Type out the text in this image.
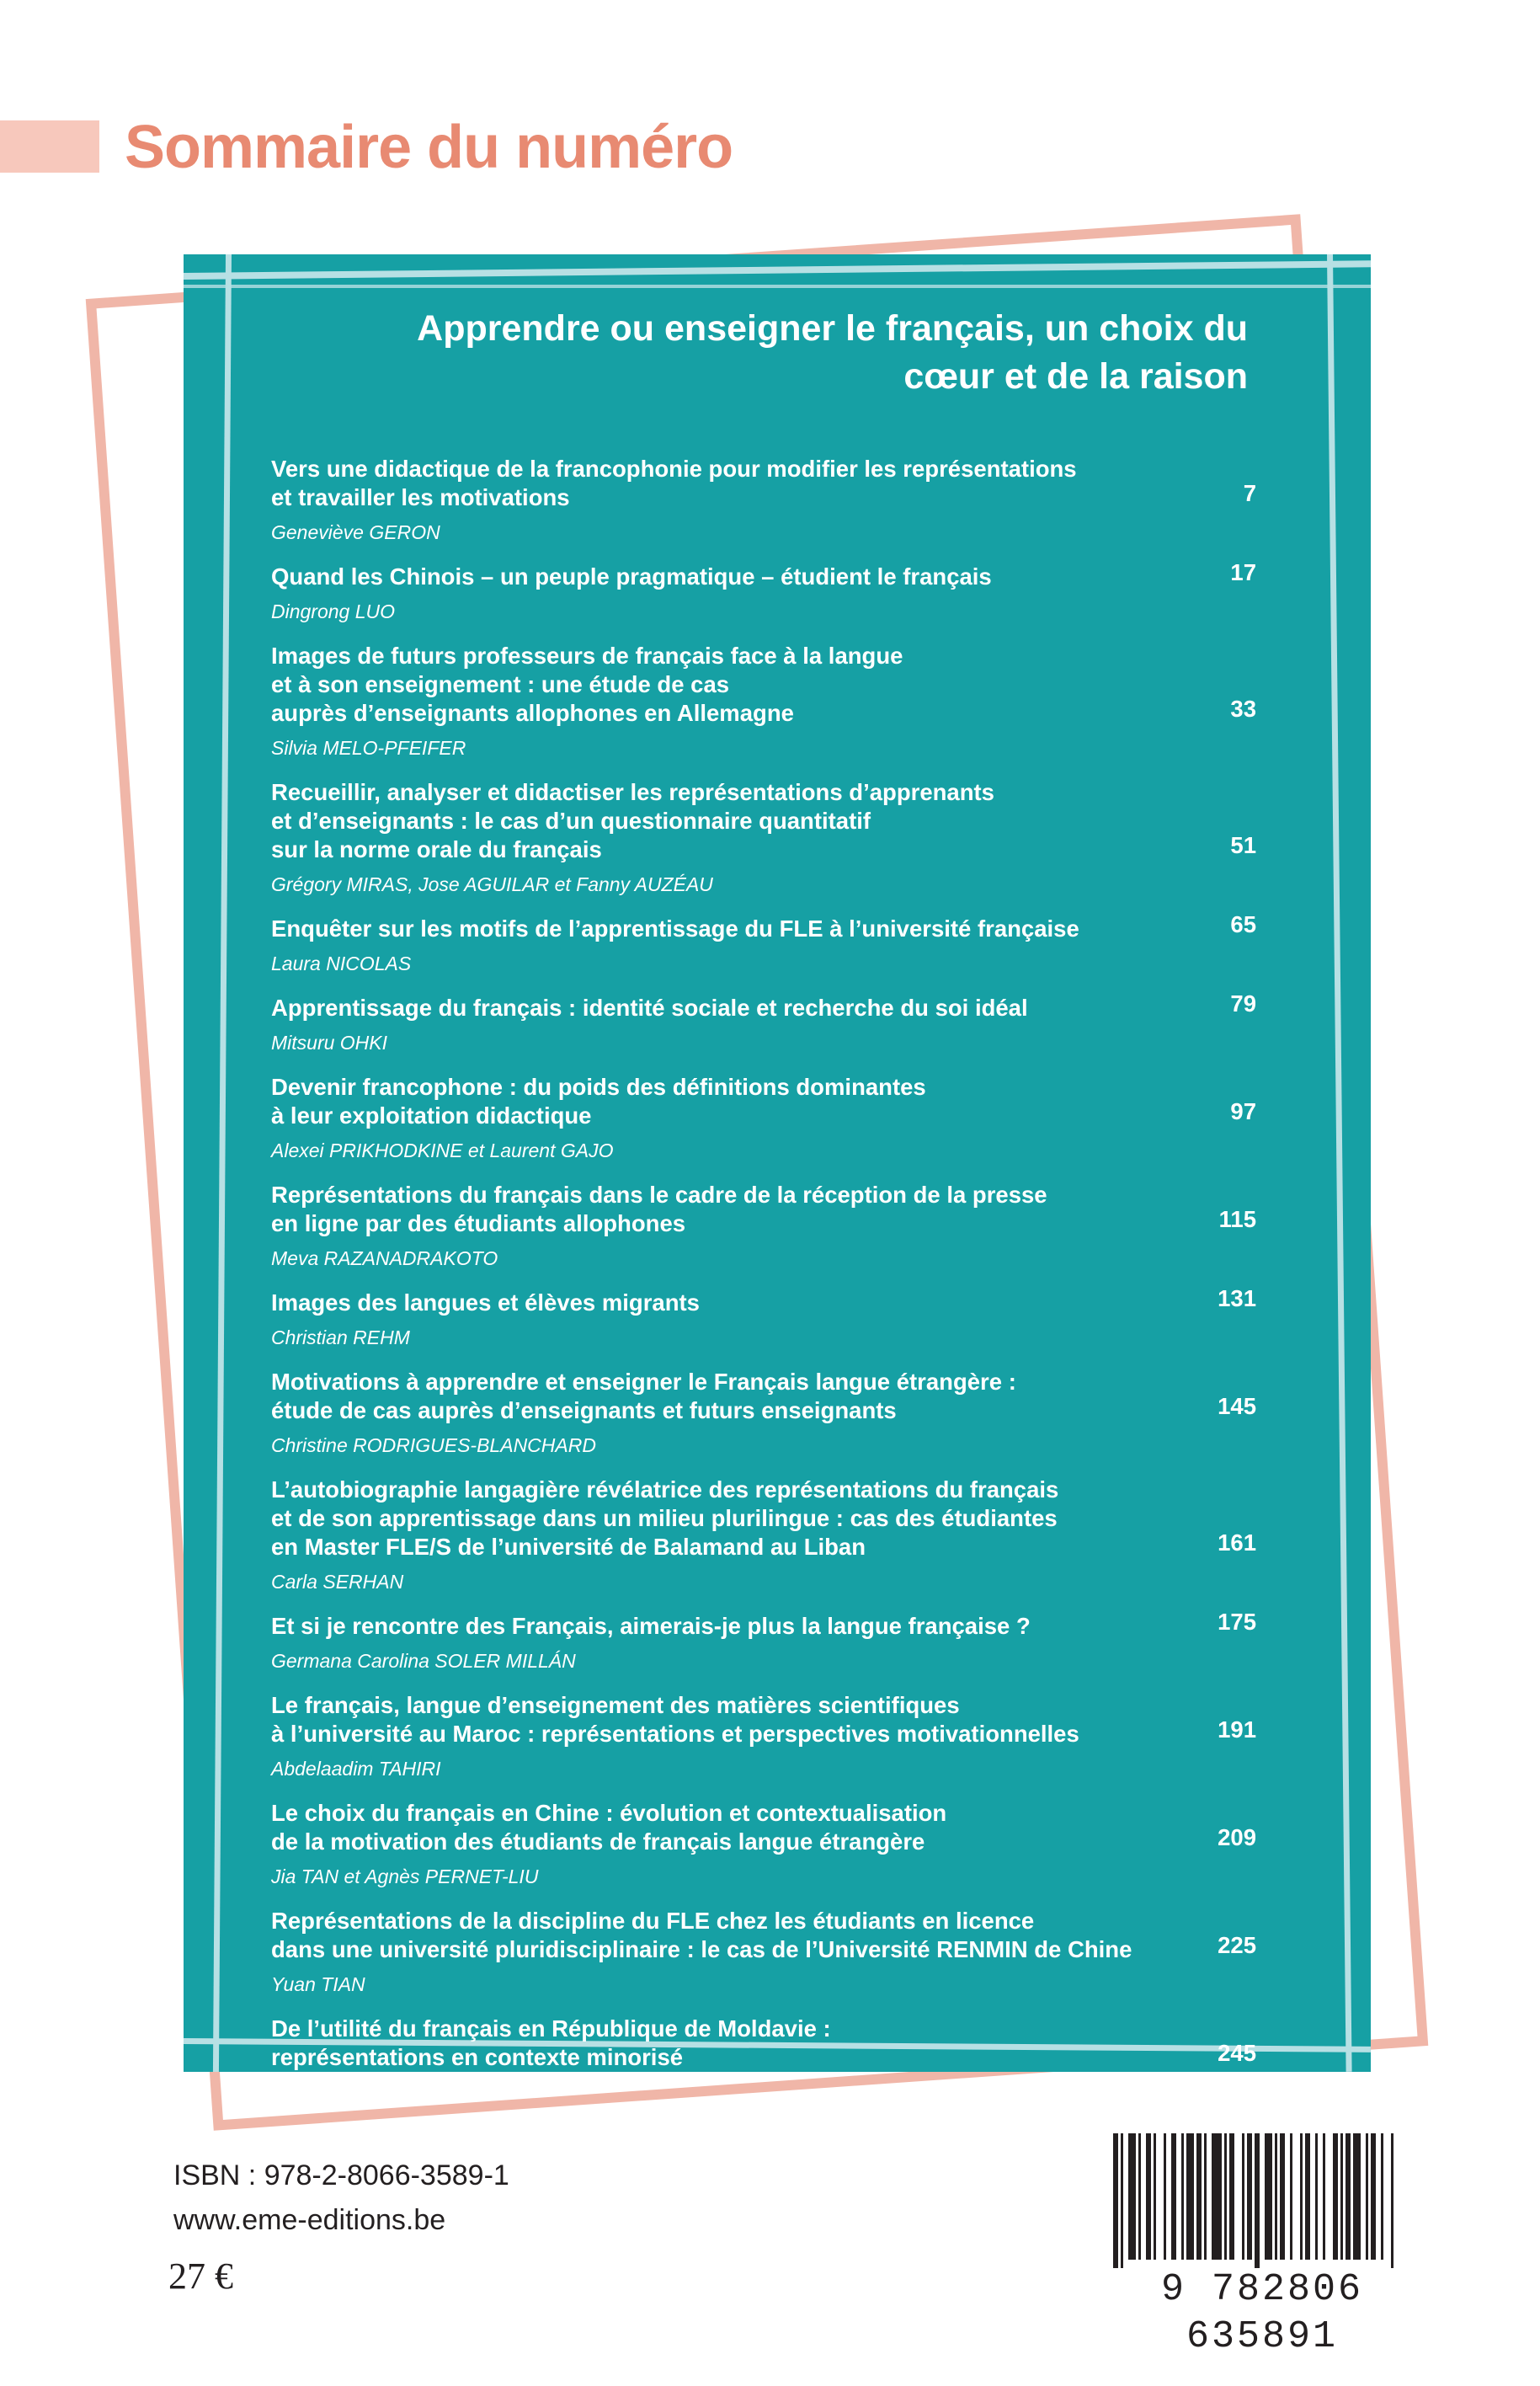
Sommaire du numéro
Apprendre ou enseigner le français, un choix du cœur et de la raison
Vers une didactique de la francophonie pour modifier les représentations
et travailler les motivations	7
Geneviève GERON
Quand les Chinois – un peuple pragmatique – étudient le français	17
Dingrong LUO
Images de futurs professeurs de français face à la langue
et à son enseignement : une étude de cas
auprès d’enseignants allophones en Allemagne	33
Silvia MELO-PFEIFER
Recueillir, analyser et didactiser les représentations d’apprenants
et d’enseignants : le cas d’un questionnaire quantitatif
sur la norme orale du français	51
Grégory MIRAS, Jose AGUILAR et Fanny AUZÉAU
Enquêter sur les motifs de l’apprentissage du FLE à l’université française	65
Laura NICOLAS
Apprentissage du français : identité sociale et recherche du soi idéal	79
Mitsuru OHKI
Devenir francophone : du poids des définitions dominantes
à leur exploitation didactique	97
Alexei PRIKHODKINE et Laurent GAJO
Représentations du français dans le cadre de la réception de la presse
en ligne par des étudiants allophones	115
Meva RAZANADRAKOTO
Images des langues et élèves migrants	131
Christian REHM
Motivations à apprendre et enseigner le Français langue étrangère :
étude de cas auprès d’enseignants et futurs enseignants	145
Christine RODRIGUES-BLANCHARD
L’autobiographie langagière révélatrice des représentations du français
et de son apprentissage dans un milieu plurilingue : cas des étudiantes
en Master FLE/S de l’université de Balamand au Liban	161
Carla SERHAN
Et si je rencontre des Français, aimerais-je plus la langue française ?	175
Germana Carolina SOLER MILLÁN
Le français, langue d’enseignement des matières scientifiques
à l’université au Maroc : représentations et perspectives motivationnelles	191
Abdelaadim TAHIRI
Le choix du français en Chine : évolution et contextualisation
de la motivation des étudiants de français langue étrangère	209
Jia TAN et Agnès PERNET-LIU
Représentations de la discipline du FLE chez les étudiants en licence
dans une université pluridisciplinaire : le cas de l’Université RENMIN de Chine	225
Yuan TIAN
De l’utilité du français en République de Moldavie :
représentations en contexte minorisé	245
Anna-Christine WEIRICH
ISBN : 978-2-8066-3589-1
www.eme-editions.be
27 €	9 782806 635891
